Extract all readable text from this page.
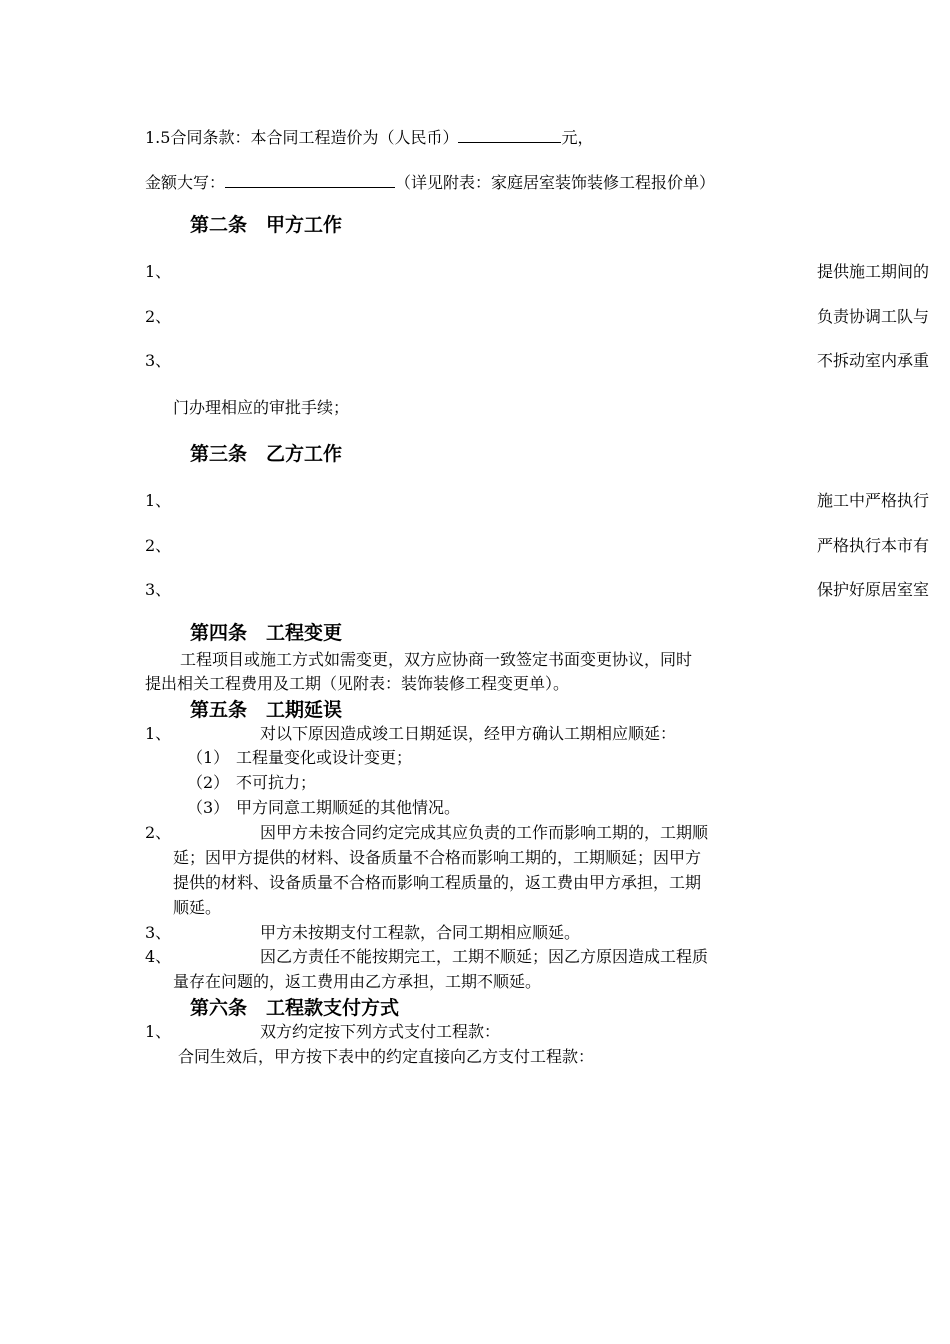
1.5合同条款：本合同工程造价为（人民币）	元，
金额大写：	（详见附表：家庭居室装饰装修工程报价单）
第二条　甲方工作
1、	提供施工期间的
2、	负责协调工队与
3、	不拆动室内承重
门办理相应的审批手续；
第三条　乙方工作
1、	施工中严格执行
2、	严格执行本市有
3、	保护好原居室室
第四条　工程变更
工程项目或施工方式如需变更，双方应协商一致签定书面变更协议，同时
提出相关工程费用及工期（见附表：装饰装修工程变更单）。
第五条　工期延误
1、	对以下原因造成竣工日期延误，经甲方确认工期相应顺延：
（1） 工程量变化或设计变更；
（2） 不可抗力；
（3） 甲方同意工期顺延的其他情况。
2、	因甲方未按合同约定完成其应负责的工作而影响工期的，工期顺
延；因甲方提供的材料、设备质量不合格而影响工期的，工期顺延；因甲方
提供的材料、设备质量不合格而影响工程质量的，返工费由甲方承担，工期
顺延。
3、	甲方未按期支付工程款，合同工期相应顺延。
4、	因乙方责任不能按期完工，工期不顺延；因乙方原因造成工程质
量存在问题的，返工费用由乙方承担，工期不顺延。
第六条　工程款支付方式
1、	双方约定按下列方式支付工程款：
合同生效后，甲方按下表中的约定直接向乙方支付工程款：
